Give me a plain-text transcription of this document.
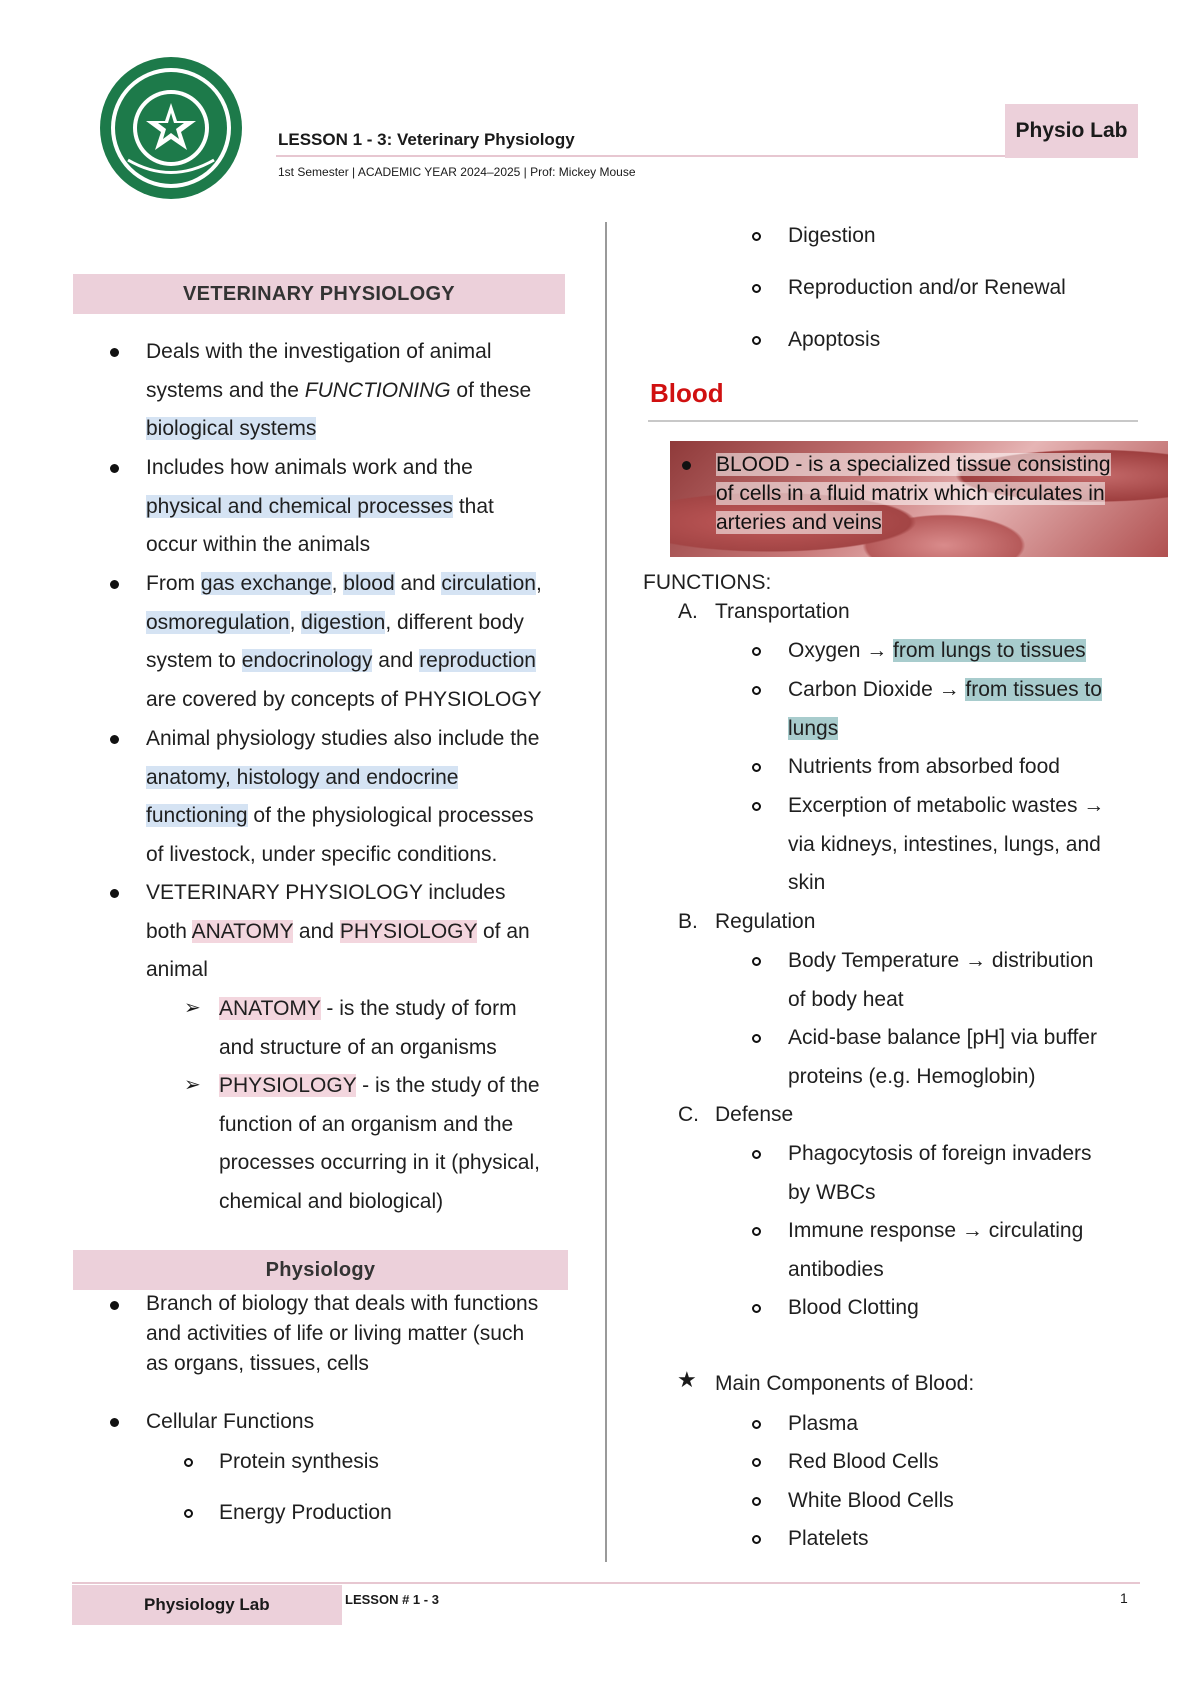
LESSON 1 - 3: Veterinary Physiology
1st Semester | ACADEMIC YEAR 2024–2025 | Prof: Mickey Mouse
Physio Lab
VETERINARY PHYSIOLOGY
Deals with the investigation of animal
systems and the FUNCTIONING of these
biological systems
Includes how animals work and the
physical and chemical processes that
occur within the animals
From gas exchange, blood and circulation,
osmoregulation, digestion, different body
system to endocrinology and reproduction
are covered by concepts of PHYSIOLOGY
Animal physiology studies also include the
anatomy, histology and endocrine
functioning of the physiological processes
of livestock, under specific conditions.
VETERINARY PHYSIOLOGY includes
both ANATOMY and PHYSIOLOGY of an
animal
➢ ANATOMY - is the study of form
and structure of an organisms
➢ PHYSIOLOGY - is the study of the
function of an organism and the
processes occurring in it (physical,
chemical and biological)
Physiology
Branch of biology that deals with functions
and activities of life or living matter (such
as organs, tissues, cells
Cellular Functions
Protein synthesis
Energy Production
Digestion
Reproduction and/or Renewal
Apoptosis
Blood
BLOOD - is a specialized tissue consisting
of cells in a fluid matrix which circulates in
arteries and veins
FUNCTIONS:
A. Transportation
Oxygen → from lungs to tissues
Carbon Dioxide → from tissues to
lungs
Nutrients from absorbed food
Excerption of metabolic wastes →
via kidneys, intestines, lungs, and
skin
B. Regulation
Body Temperature → distribution
of body heat
Acid-base balance [pH] via buffer
proteins (e.g. Hemoglobin)
C. Defense
Phagocytosis of foreign invaders
by WBCs
Immune response → circulating
antibodies
Blood Clotting
★ Main Components of Blood:
Plasma
Red Blood Cells
White Blood Cells
Platelets
Physiology Lab	LESSON # 1 - 3	1
